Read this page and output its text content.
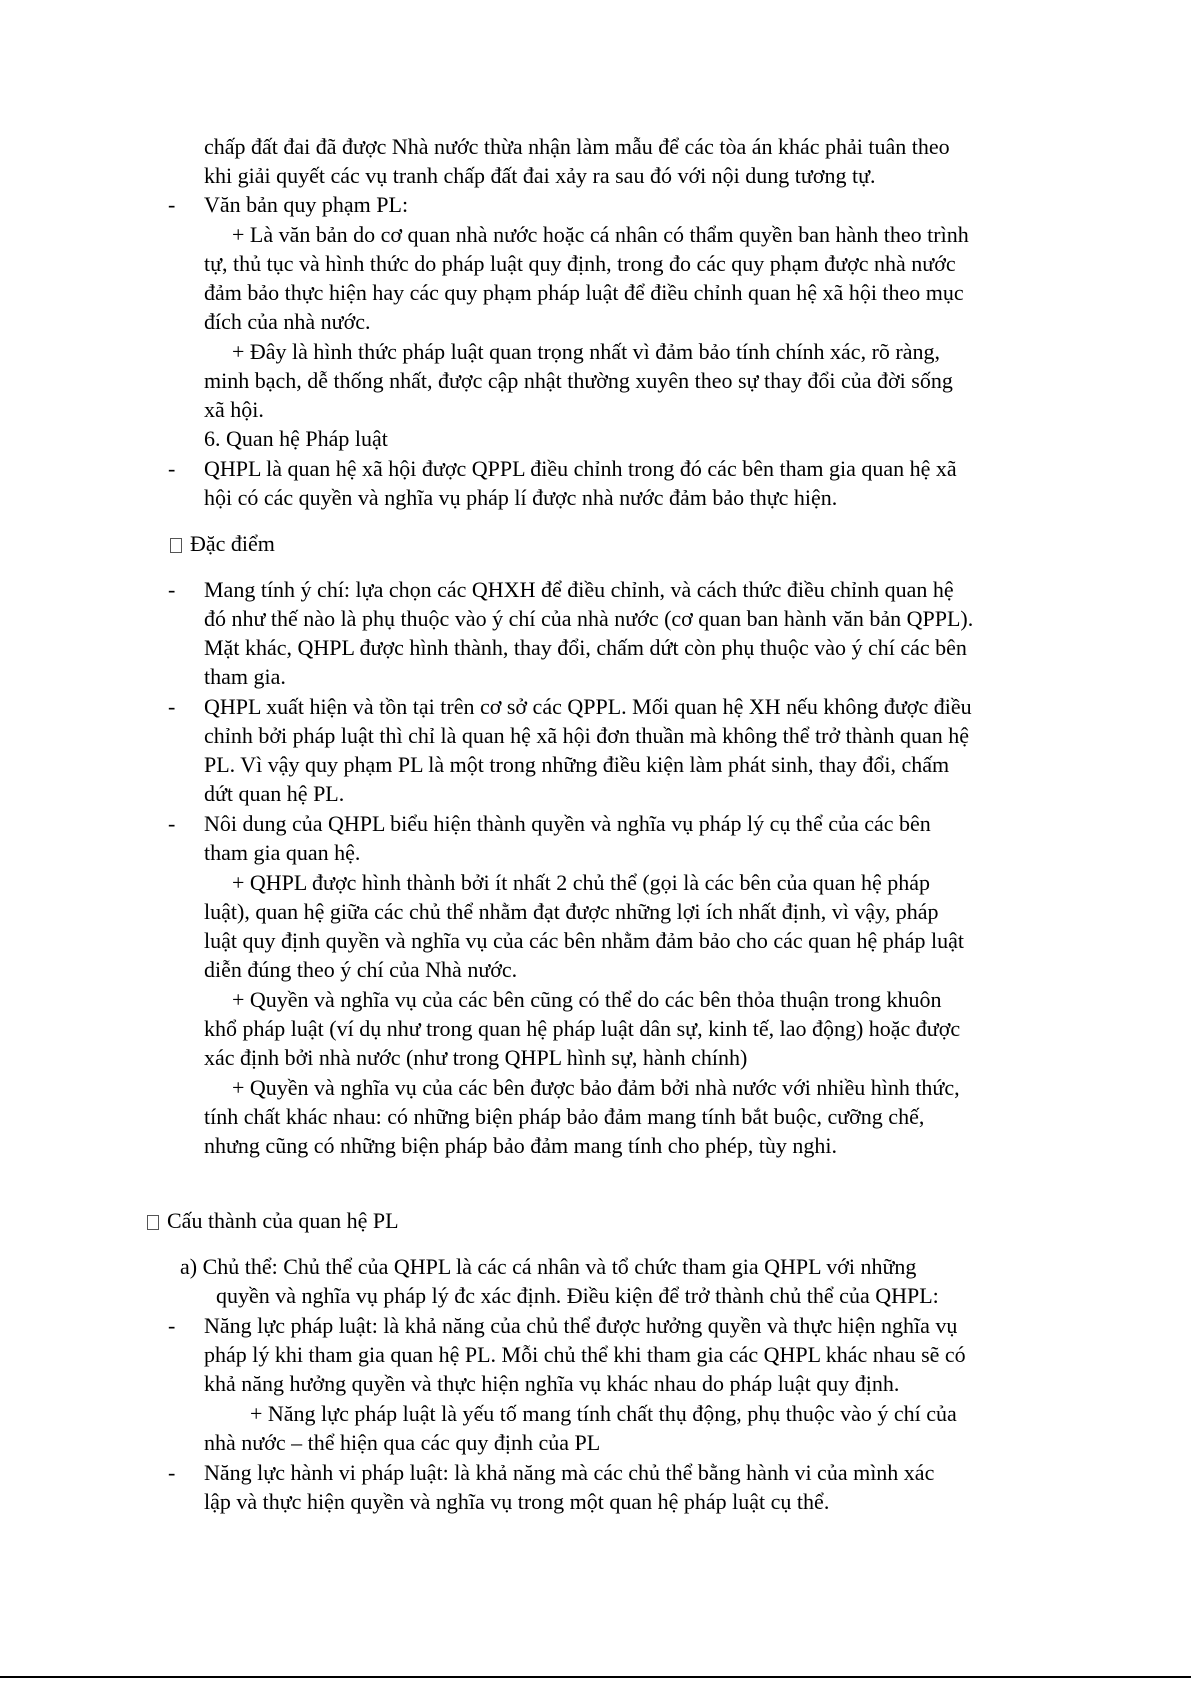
chấp đất đai đã được Nhà nước thừa nhận làm mẫu để các tòa án khác phải tuân theo
khi giải quyết các vụ tranh chấp đất đai xảy ra sau đó với nội dung tương tự.
- Văn bản quy phạm PL:
+ Là văn bản do cơ quan nhà nước hoặc cá nhân có thẩm quyền ban hành theo trình
tự, thủ tục và hình thức do pháp luật quy định, trong đo các quy phạm được nhà nước
đảm bảo thực hiện hay các quy phạm pháp luật để điều chỉnh quan hệ xã hội theo mục
đích của nhà nước.
+ Đây là hình thức pháp luật quan trọng nhất vì đảm bảo tính chính xác, rõ ràng,
minh bạch, dễ thống nhất, được cập nhật thường xuyên theo sự thay đổi của đời sống
xã hội.
6. Quan hệ Pháp luật
- QHPL là quan hệ xã hội được QPPL điều chỉnh trong đó các bên tham gia quan hệ xã
hội có các quyền và nghĩa vụ pháp lí được nhà nước đảm bảo thực hiện.
Đặc điểm
- Mang tính ý chí: lựa chọn các QHXH để điều chỉnh, và cách thức điều chỉnh quan hệ
đó như thế nào là phụ thuộc vào ý chí của nhà nước (cơ quan ban hành văn bản QPPL).
Mặt khác, QHPL được hình thành, thay đổi, chấm dứt còn phụ thuộc vào ý chí các bên
tham gia.
- QHPL xuất hiện và tồn tại trên cơ sở các QPPL. Mối quan hệ XH nếu không được điều
chỉnh bởi pháp luật thì chỉ là quan hệ xã hội đơn thuần mà không thể trở thành quan hệ
PL. Vì vậy quy phạm PL là một trong những điều kiện làm phát sinh, thay đổi, chấm
dứt quan hệ PL.
- Nôi dung của QHPL biểu hiện thành quyền và nghĩa vụ pháp lý cụ thể của các bên
tham gia quan hệ.
+ QHPL được hình thành bởi ít nhất 2 chủ thể (gọi là các bên của quan hệ pháp
luật), quan hệ giữa các chủ thể nhằm đạt được những lợi ích nhất định, vì vậy, pháp
luật quy định quyền và nghĩa vụ của các bên nhằm đảm bảo cho các quan hệ pháp luật
diễn đúng theo ý chí của Nhà nước.
+ Quyền và nghĩa vụ của các bên cũng có thể do các bên thỏa thuận trong khuôn
khổ pháp luật (ví dụ như trong quan hệ pháp luật dân sự, kinh tế, lao động) hoặc được
xác định bởi nhà nước (như trong QHPL hình sự, hành chính)
+ Quyền và nghĩa vụ của các bên được bảo đảm bởi nhà nước với nhiều hình thức,
tính chất khác nhau: có những biện pháp bảo đảm mang tính bắt buộc, cưỡng chế,
nhưng cũng có những biện pháp bảo đảm mang tính cho phép, tùy nghi.
Cấu thành của quan hệ PL
a) Chủ thể: Chủ thể của QHPL là các cá nhân và tổ chức tham gia QHPL với những
quyền và nghĩa vụ pháp lý đc xác định. Điều kiện để trở thành chủ thể của QHPL:
- Năng lực pháp luật: là khả năng của chủ thể được hưởng quyền và thực hiện nghĩa vụ
pháp lý khi tham gia quan hệ PL. Mỗi chủ thể khi tham gia các QHPL khác nhau sẽ có
khả năng hưởng quyền và thực hiện nghĩa vụ khác nhau do pháp luật quy định.
+ Năng lực pháp luật là yếu tố mang tính chất thụ động, phụ thuộc vào ý chí của
nhà nước – thể hiện qua các quy định của PL
- Năng lực hành vi pháp luật: là khả năng mà các chủ thể bằng hành vi của mình xác
lập và thực hiện quyền và nghĩa vụ trong một quan hệ pháp luật cụ thể.
